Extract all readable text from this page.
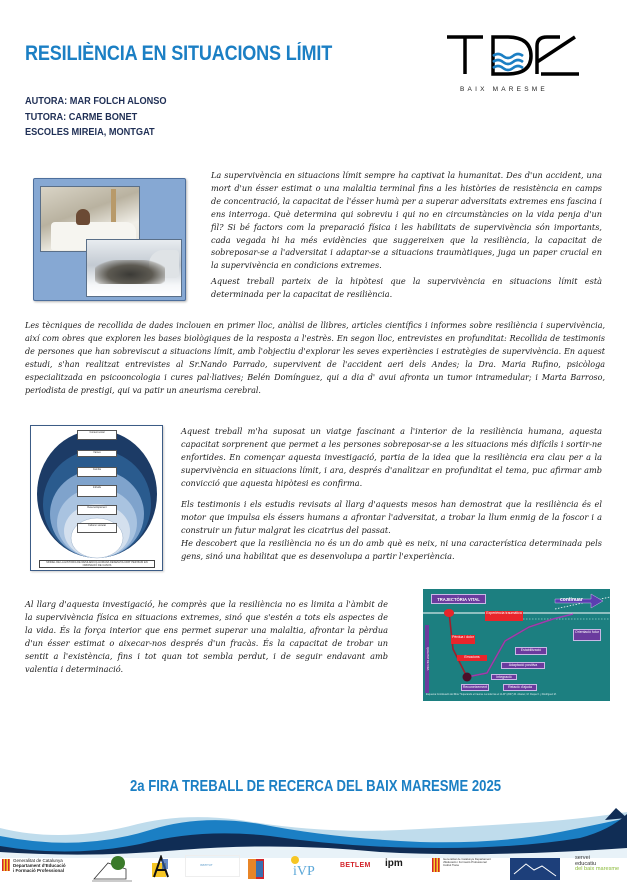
RESILIÈNCIA EN SITUACIONS LÍMIT
AUTORA: MAR FOLCH ALONSO
TUTORA: CARME BONET
ESCOLES MIREIA, MONTGAT
BAIX MARESME

La supervivència en situacions límit sempre ha captivat la humanitat. Des d'un accident, una mort d'un ésser estimat o una malaltia terminal fins a les històries de resistència en camps de concentració, la capacitat de l'ésser humà per a superar adversitats extremes ens fascina i ens interroga. Què determina qui sobreviu i qui no en circumstàncies on la vida penja d'un fil? Si bé factors com la preparació física i les habilitats de supervivència són importants, cada vegada hi ha més evidències que suggereixen que la resiliència, la capacitat de sobreposar-se a l'adversitat i adaptar-se a situacions traumàtiques, juga un paper crucial en la supervivència en condicions extremes.

Aquest treball parteix de la hipòtesi que la supervivència en situacions límit està determinada per la capacitat de resiliència.

Les tècniques de recollida de dades inclouen en primer lloc, anàlisi de llibres, articles científics i informes sobre resiliència i supervivència, així com obres que exploren les bases biològiques de la resposta a l'estrès. En segon lloc, entrevistes en profunditat: Recollida de testimonis de persones que han sobreviscut a situacions límit, amb l'objectiu d'explorar les seves experiències i estratègies de supervivència. En aquest estudi, s'han realitzat entrevistes al Sr.Nando Parrado, supervivent de l'accident aeri dels Andes; la Dra. Maria Rufino, psicòloga especialitzada en psicooncologia i cures pal·liatives; Belén Domínguez, qui a dia d' avui afronta un tumor intramedular; i Marta Barroso, periodista de prestigi, qui va patir un aneurisma cerebral.

Context social
Xarxes
Família
Individu
Desenvolupament
Cultura i societat
MODEL DE LA HISTÒRIA DE RESILIÈNCIA HUMANA DESENVOLUPAT PER BAKI EN ORDINACIÓ DE CASOS

Aquest treball m'ha suposat un viatge fascinant a l'interior de la resiliència humana, aquesta capacitat sorprenent que permet a les persones sobreposar-se a les situacions més difícils i sortir-ne enfortides. En començar aquesta investigació, partia de la idea que la resiliència era clau per a la supervivència en situacions límit, i ara, després d'analitzar en profunditat el tema, puc afirmar amb convicció que aquesta hipòtesi es confirma.

Els testimonis i els estudis revisats al llarg d'aquests mesos han demostrat que la resiliència és el motor que impulsa els éssers humans a afrontar l'adversitat, a trobar la llum enmig de la foscor i a construir un futur malgrat les cicatrius del passat.

He descobert que la resiliència no és un do amb què es neix, ni una característica determinada pels gens, sinó una habilitat que es desenvolupa a partir l'experiència.

Al llarg d'aquesta investigació, he comprès que la resiliència no es limita a l'àmbit de la supervivència física en situacions extremes, sinó que s'estén a tots els aspectes de la vida. És la força interior que ens permet superar una malaltia, afrontar la pèrdua d'un ésser estimat o aixecar-nos després d'un fracàs. És la capacitat de trobar un sentit a l'existència, fins i tot quan tot sembla perdut, i de seguir endavant amb valentia i determinació.

TRAJECTÒRIA VITAL	continuar
QUALITAT DE VIDA
Experiència traumàtica
Pèrdua i dolor
Emocions
Estabilització
Adaptació positiva
Integració
Reconeixement	Relació d'ajuda
Orientació futur
Esquema Continuació del llibre "Superando el trauma. La vida tras el 11-M" (2007) M. Álvarez, M. Duque F. y Rodríguez M.
2a FIRA TREBALL DE RECERCA DEL BAIX MARESME 2025
Generalitat de Catalunya
Departament d'Educació
i Formació Professional
INSTITUT	iVP	BETLEM ipm	Generalitat de Catalunya Departament d'Educació i Formació Professional Institut Tiana
servei
educatiu
del baix maresme
